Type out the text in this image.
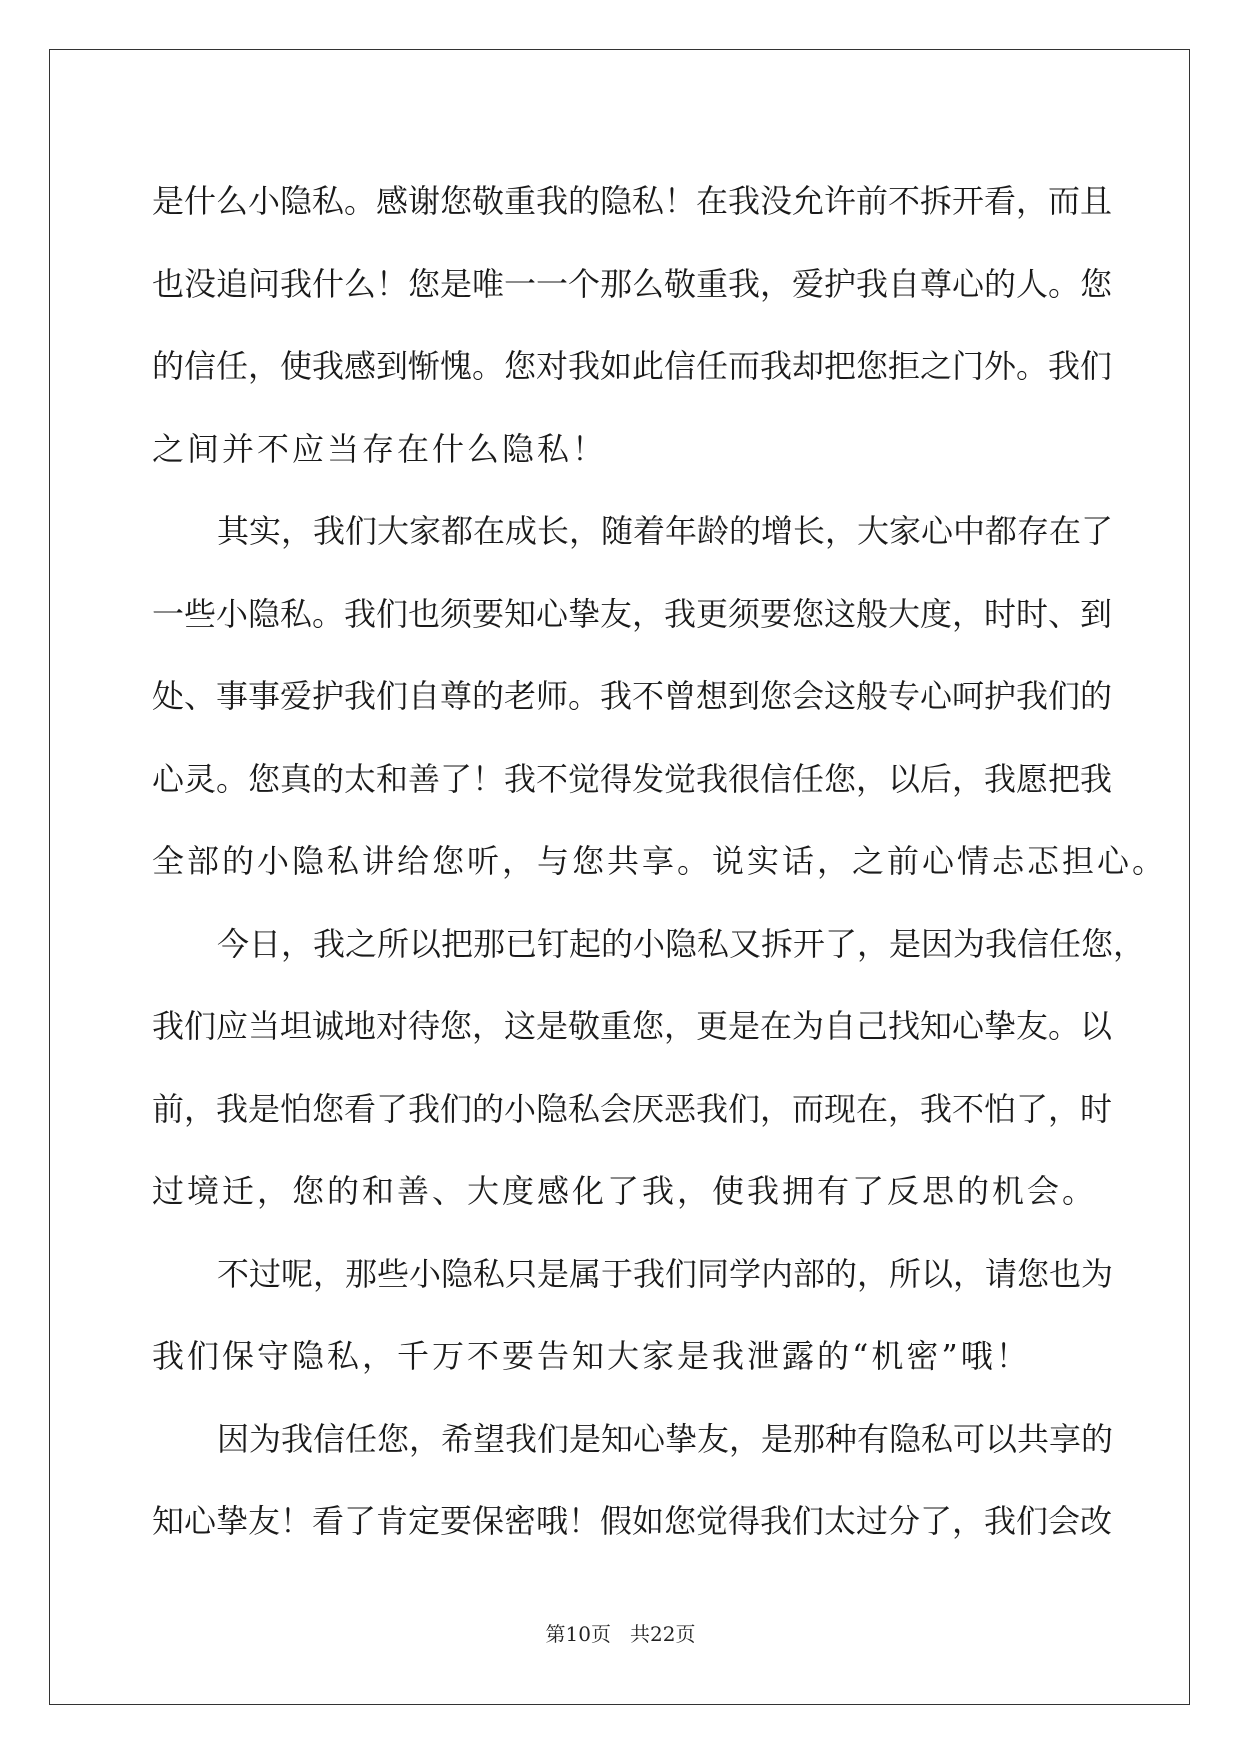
是什么小隐私。感谢您敬重我的隐私！在我没允许前不拆开看，而且
也没追问我什么！您是唯一一个那么敬重我，爱护我自尊心的人。您
的信任，使我感到惭愧。您对我如此信任而我却把您拒之门外。我们
之间并不应当存在什么隐私！
其实，我们大家都在成长，随着年龄的增长，大家心中都存在了
一些小隐私。我们也须要知心挚友，我更须要您这般大度，时时、到
处、事事爱护我们自尊的老师。我不曾想到您会这般专心呵护我们的
心灵。您真的太和善了！我不觉得发觉我很信任您，以后，我愿把我
全部的小隐私讲给您听，与您共享。说实话，之前心情忐忑担心。
今日，我之所以把那已钉起的小隐私又拆开了，是因为我信任您，
我们应当坦诚地对待您，这是敬重您，更是在为自己找知心挚友。以
前，我是怕您看了我们的小隐私会厌恶我们，而现在，我不怕了，时
过境迁，您的和善、大度感化了我，使我拥有了反思的机会。
不过呢，那些小隐私只是属于我们同学内部的，所以，请您也为
我们保守隐私，千万不要告知大家是我泄露的“机密”哦！
因为我信任您，希望我们是知心挚友，是那种有隐私可以共享的
知心挚友！看了肯定要保密哦！假如您觉得我们太过分了，我们会改
第10页   共22页
